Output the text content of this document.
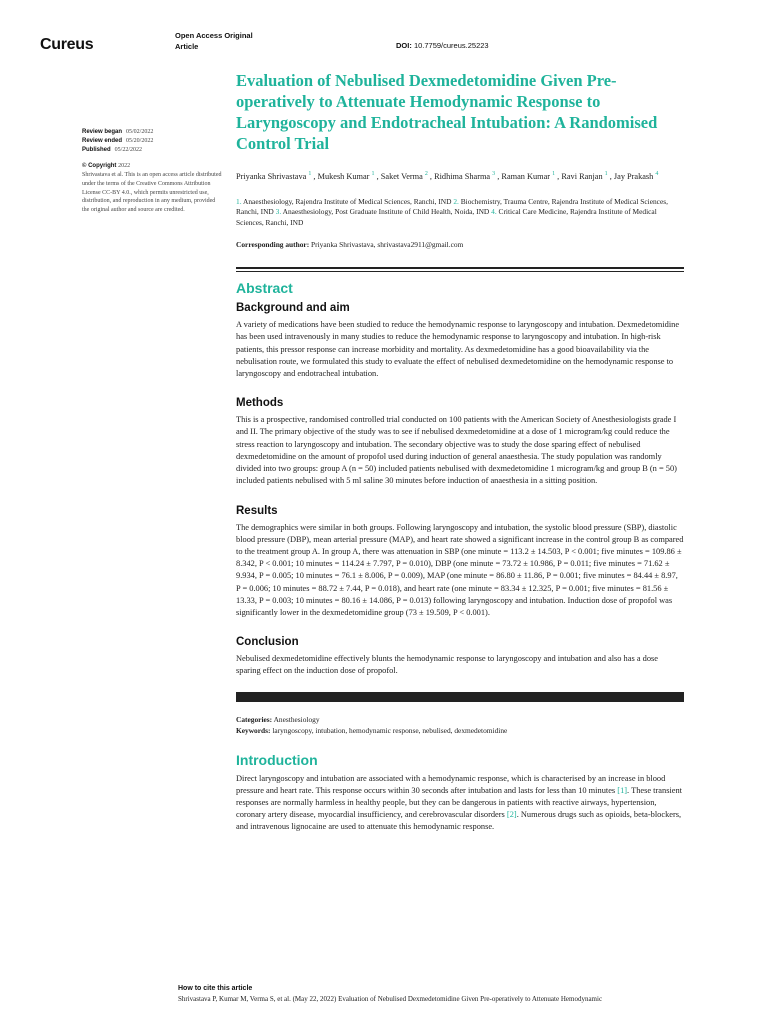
Cureus
Open Access Original
Article	DOI: 10.7759/cureus.25223
Review began 05/02/2022
Review ended 05/20/2022
Published 05/22/2022
© Copyright 2022
Shrivastava et al. This is an open access article distributed under the terms of the Creative Commons Attribution License CC-BY 4.0., which permits unrestricted use, distribution, and reproduction in any medium, provided the original author and source are credited.
Evaluation of Nebulised Dexmedetomidine Given Pre-operatively to Attenuate Hemodynamic Response to Laryngoscopy and Endotracheal Intubation: A Randomised Control Trial
Priyanka Shrivastava $^1$ , Mukesh Kumar $^1$ , Saket Verma $^2$ , Ridhima Sharma $^3$ , Raman Kumar $^1$ , Ravi Ranjan $^1$ , Jay Prakash $^4$
1. Anaesthesiology, Rajendra Institute of Medical Sciences, Ranchi, IND 2. Biochemistry, Trauma Centre, Rajendra Institute of Medical Sciences, Ranchi, IND 3. Anaesthesiology, Post Graduate Institute of Child Health, Noida, IND 4. Critical Care Medicine, Rajendra Institute of Medical Sciences, Ranchi, IND
Corresponding author: Priyanka Shrivastava, shrivastava2911@gmail.com
Abstract
Background and aim

A variety of medications have been studied to reduce the hemodynamic response to laryngoscopy and intubation. Dexmedetomidine has been used intravenously in many studies to reduce the hemodynamic response to laryngoscopy and intubation. In high-risk patients, this pressor response can increase morbidity and mortality. As dexmedetomidine has a good bioavailability via the nebulisation route, we formulated this study to evaluate the effect of nebulised dexmedetomidine on the hemodynamic response to laryngoscopy and endotracheal intubation.

Methods

This is a prospective, randomised controlled trial conducted on 100 patients with the American Society of Anesthesiologists grade I and II. The primary objective of the study was to see if nebulised dexmedetomidine at a dose of 1 microgram/kg could reduce the stress reaction to laryngoscopy and intubation. The secondary objective was to study the dose sparing effect of nebulised dexmedetomidine on the amount of propofol used during induction of general anaesthesia. The study population was randomly divided into two groups: group A (n = 50) included patients nebulised with dexmedetomidine 1 microgram/kg and group B (n = 50) included patients nebulised with 5 ml saline 30 minutes before induction of anaesthesia in a sitting position.

Results

The demographics were similar in both groups. Following laryngoscopy and intubation, the systolic blood pressure (SBP), diastolic blood pressure (DBP), mean arterial pressure (MAP), and heart rate showed a significant increase in the control group B as compared to the treatment group A. In group A, there was attenuation in SBP (one minute = 113.2 ± 14.503, P < 0.001; five minutes = 109.86 ± 8.342, P < 0.001; 10 minutes = 114.24 ± 7.797, P = 0.010), DBP (one minute = 73.72 ± 10.986, P = 0.011; five minutes = 71.62 ± 9.934, P = 0.005; 10 minutes = 76.1 ± 8.006, P = 0.009), MAP (one minute = 86.80 ± 11.86, P = 0.001; five minutes = 84.44 ± 8.97, P = 0.006; 10 minutes = 88.72 ± 7.44, P = 0.018), and heart rate (one minute = 83.34 ± 12.325, P = 0.001; five minutes = 81.56 ± 13.33, P = 0.003; 10 minutes = 80.16 ± 14.086, P = 0.013) following laryngoscopy and intubation. Induction dose of propofol was significantly lower in the dexmedetomidine group (73 ± 19.509, P < 0.001).

Conclusion

Nebulised dexmedetomidine effectively blunts the hemodynamic response to laryngoscopy and intubation and also has a dose sparing effect on the induction dose of propofol.

Categories: Anesthesiology
Keywords: laryngoscopy, intubation, hemodynamic response, nebulised, dexmedetomidine
Introduction

Direct laryngoscopy and intubation are associated with a hemodynamic response, which is characterised by an increase in blood pressure and heart rate. This response occurs within 30 seconds after intubation and lasts for less than 10 minutes [1]. These transient responses are normally harmless in healthy people, but they can be dangerous in patients with reactive airways, hypertension, coronary artery disease, myocardial insufficiency, and cerebrovascular disorders [2]. Numerous drugs such as opioids, beta-blockers, and intravenous lignocaine are used to attenuate this hemodynamic response.

How to cite this article
Shrivastava P, Kumar M, Verma S, et al. (May 22, 2022) Evaluation of Nebulised Dexmedetomidine Given Pre-operatively to Attenuate Hemodynamic
